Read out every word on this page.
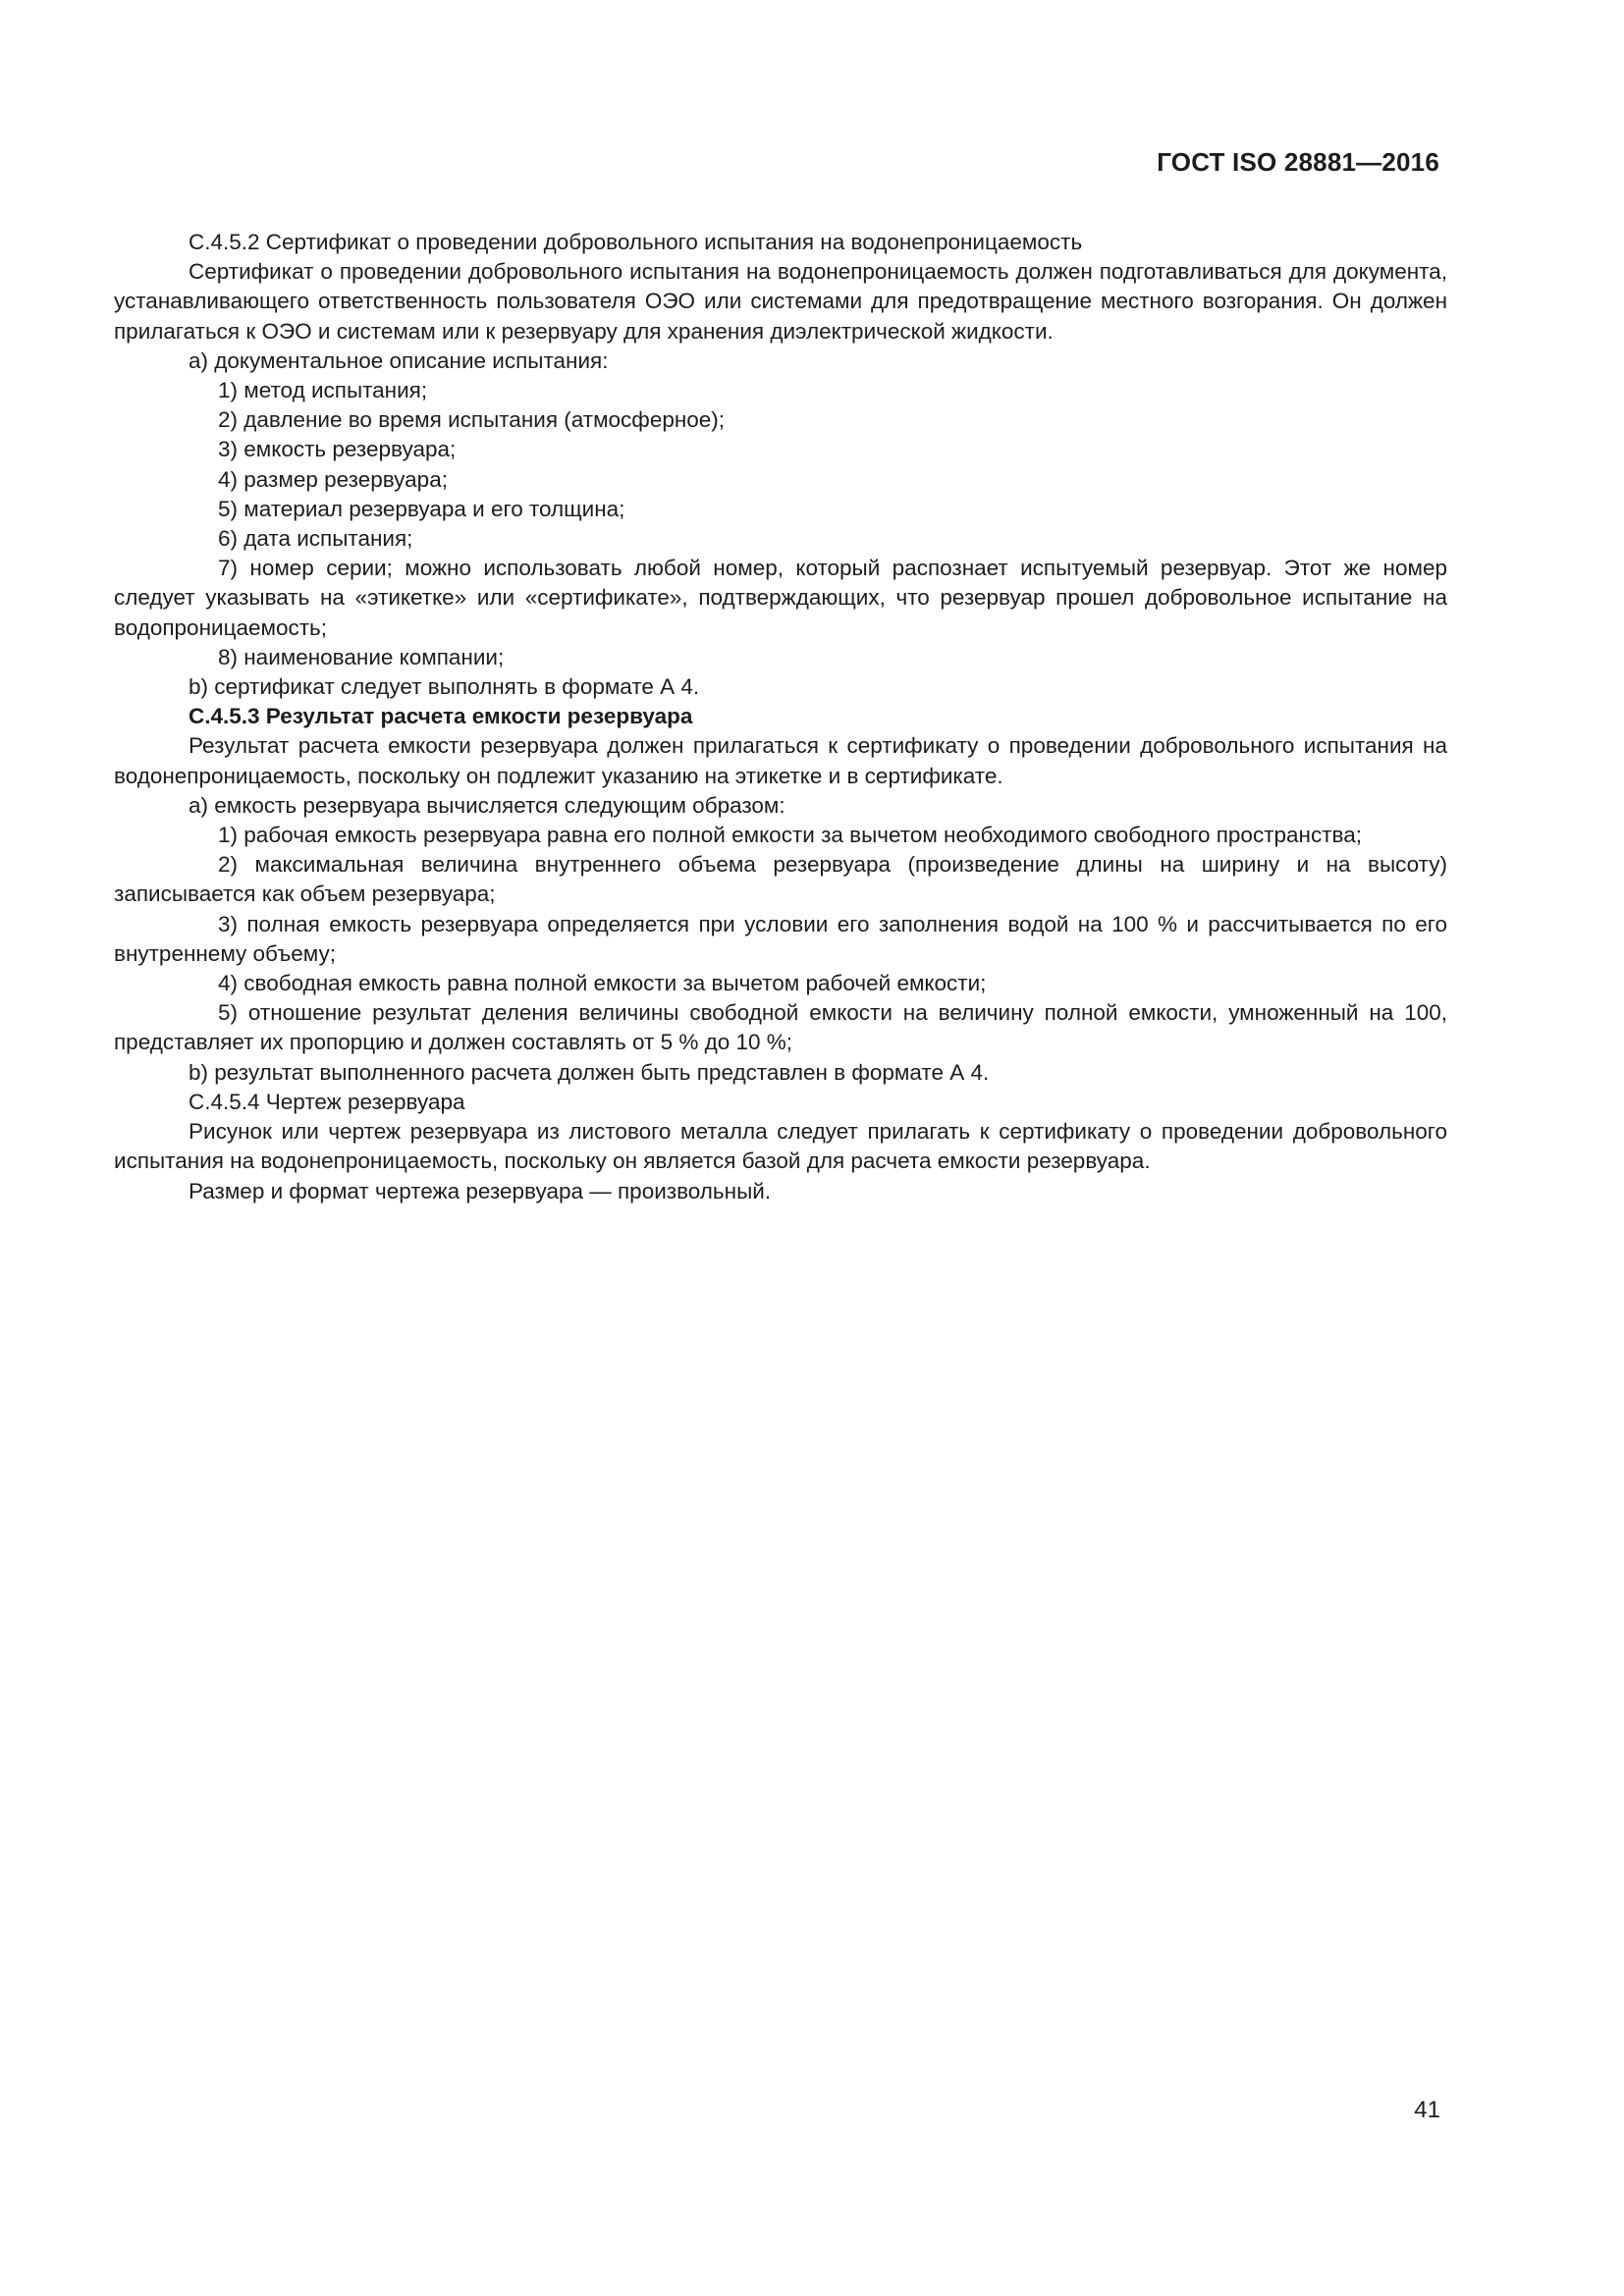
ГОСТ ISO 28881—2016

С.4.5.2 Сертификат о проведении добровольного испытания на водонепроницаемость

Сертификат о проведении добровольного испытания на водонепроницаемость должен подготавливаться для документа, устанавливающего ответственность пользователя ОЭО или системами для предотвращение местного возгорания. Он должен прилагаться к ОЭО и системам или к резервуару для хранения диэлектрической жидкости.

а) документальное описание испытания:

1) метод испытания;

2) давление во время испытания (атмосферное);

3) емкость резервуара;

4) размер резервуара;

5) материал резервуара и его толщина;

6) дата испытания;

7) номер серии; можно использовать любой номер, который распознает испытуемый резервуар. Этот же номер следует указывать на «этикетке» или «сертификате», подтверждающих, что резервуар прошел добровольное испытание на водопроницаемость;

8) наименование компании;

b) сертификат следует выполнять в формате А 4.

С.4.5.3 Результат расчета емкости резервуара

Результат расчета емкости резервуара должен прилагаться к сертификату о проведении добровольного испытания на водонепроницаемость, поскольку он подлежит указанию на этикетке и в сертификате.

а) емкость резервуара вычисляется следующим образом:

1) рабочая емкость резервуара равна его полной емкости за вычетом необходимого свободного пространства;

2) максимальная величина внутреннего объема резервуара (произведение длины на ширину и на высоту) записывается как объем резервуара;

3) полная емкость резервуара определяется при условии его заполнения водой на 100 % и рассчитывается по его внутреннему объему;

4) свободная емкость равна полной емкости за вычетом рабочей емкости;

5) отношение результат деления величины свободной емкости на величину полной емкости, умноженный на 100, представляет их пропорцию и должен составлять от 5 % до 10 %;

b) результат выполненного расчета должен быть представлен в формате А 4.

С.4.5.4 Чертеж резервуара

Рисунок или чертеж резервуара из листового металла следует прилагать к сертификату о проведении добровольного испытания на водонепроницаемость, поскольку он является базой для расчета емкости резервуара.

Размер и формат чертежа резервуара — произвольный.

41
